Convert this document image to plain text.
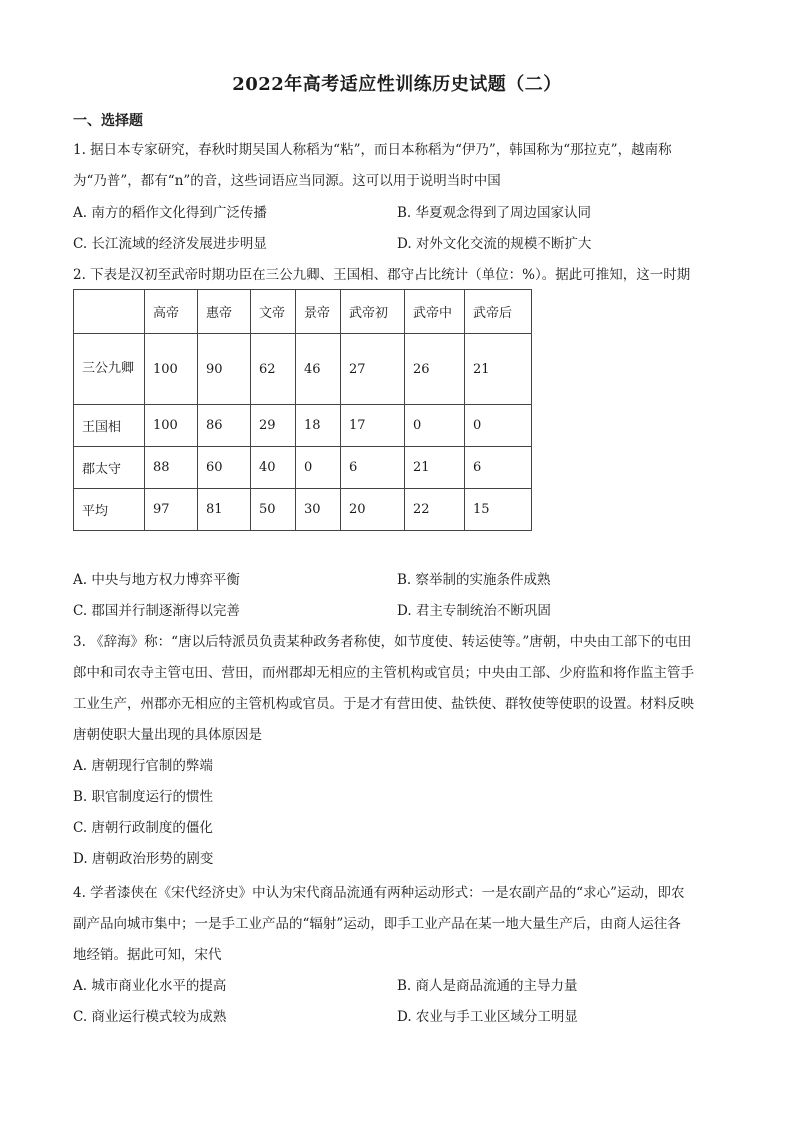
2022年高考适应性训练历史试题（二）
一、选择题
1. 据日本专家研究，春秋时期吴国人称稻为“粘”，而日本称稻为“伊乃”，韩国称为“那拉克”，越南称
为“乃普”，都有“n”的音，这些词语应当同源。这可以用于说明当时中国
A. 南方的稻作文化得到广泛传播	B. 华夏观念得到了周边国家认同
C. 长江流域的经济发展进步明显	D. 对外文化交流的规模不断扩大
2. 下表是汉初至武帝时期功臣在三公九卿、王国相、郡守占比统计（单位：%）。据此可推知，这一时期
	高帝	惠帝	文帝	景帝	武帝初	武帝中	武帝后

三公九卿	100	90	62	46	27	26	21
王国相	100	86	29	18	17	0	0
郡太守	88	60	40	0	6	21	6
平均	97	81	50	30	20	22	15
A. 中央与地方权力博弈平衡	B. 察举制的实施条件成熟
C. 郡国并行制逐渐得以完善	D. 君主专制统治不断巩固
3. 《辞海》称：“唐以后特派员负责某种政务者称使，如节度使、转运使等。”唐朝，中央由工部下的屯田
郎中和司农寺主管屯田、营田，而州郡却无相应的主管机构或官员；中央由工部、少府监和将作监主管手
工业生产，州郡亦无相应的主管机构或官员。于是才有营田使、盐铁使、群牧使等使职的设置。材料反映
唐朝使职大量出现的具体原因是
A. 唐朝现行官制的弊端
B. 职官制度运行的惯性
C. 唐朝行政制度的僵化
D. 唐朝政治形势的剧变
4. 学者漆侠在《宋代经济史》中认为宋代商品流通有两种运动形式：一是农副产品的“求心”运动，即农
副产品向城市集中；一是手工业产品的“辐射”运动，即手工业产品在某一地大量生产后，由商人运往各
地经销。据此可知，宋代
A. 城市商业化水平的提高	B. 商人是商品流通的主导力量
C. 商业运行模式较为成熟	D. 农业与手工业区域分工明显
